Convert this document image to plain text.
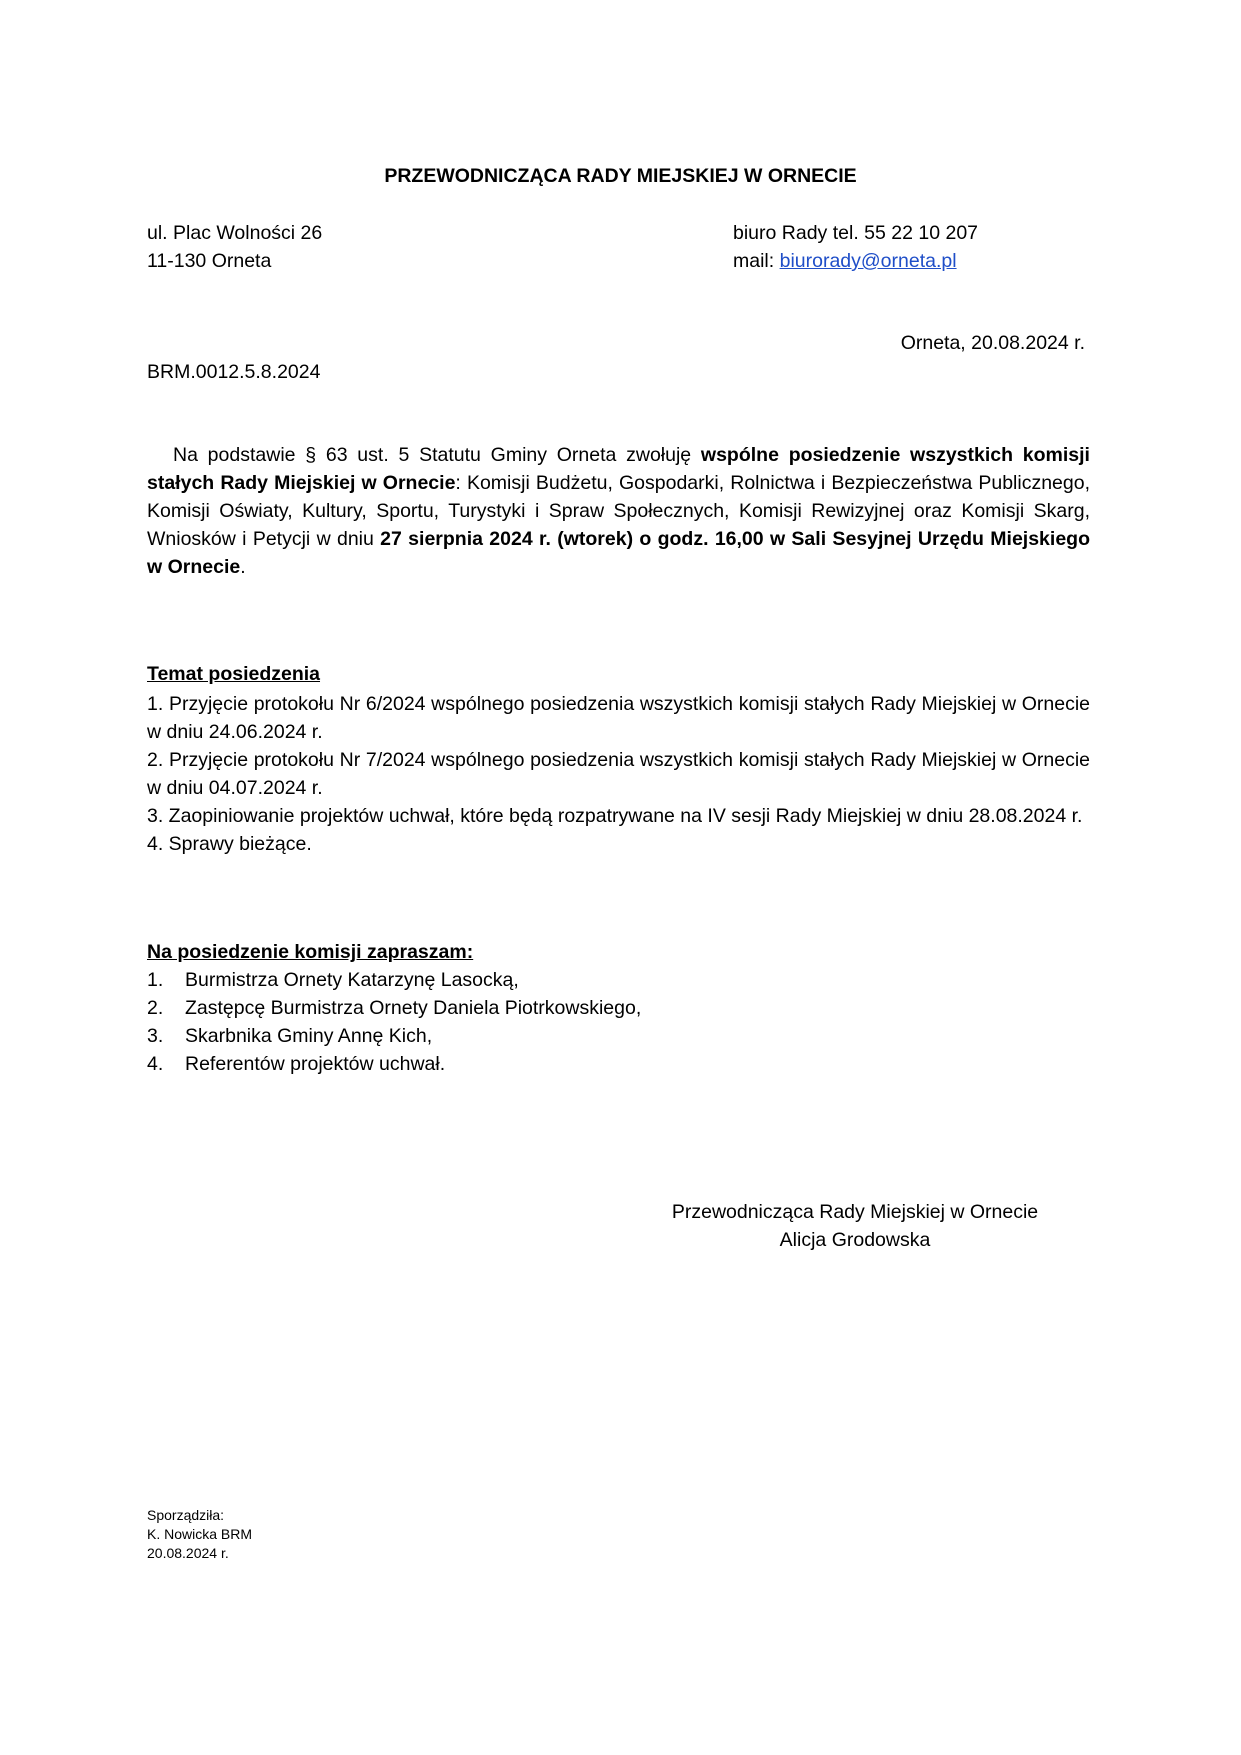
PRZEWODNICZĄCA RADY MIEJSKIEJ W ORNECIE
ul. Plac Wolności 26
11-130 Orneta
biuro Rady tel. 55 22 10 207
mail: biurorady@orneta.pl
Orneta, 20.08.2024 r.
BRM.0012.5.8.2024
Na podstawie § 63 ust. 5 Statutu Gminy Orneta zwołuję wspólne posiedzenie wszystkich komisji stałych Rady Miejskiej w Ornecie: Komisji Budżetu, Gospodarki, Rolnictwa i Bezpieczeństwa Publicznego, Komisji Oświaty, Kultury, Sportu, Turystyki i Spraw Społecznych, Komisji Rewizyjnej oraz Komisji Skarg, Wniosków i Petycji w dniu 27 sierpnia 2024 r. (wtorek) o godz. 16,00 w Sali Sesyjnej Urzędu Miejskiego w Ornecie.
Temat posiedzenia

1. Przyjęcie protokołu Nr 6/2024 wspólnego posiedzenia wszystkich komisji stałych Rady Miejskiej w Ornecie w dniu 24.06.2024 r.

2. Przyjęcie protokołu Nr 7/2024 wspólnego posiedzenia wszystkich komisji stałych Rady Miejskiej w Ornecie w dniu 04.07.2024 r.

3. Zaopiniowanie projektów uchwał, które będą rozpatrywane na IV sesji Rady Miejskiej w dniu 28.08.2024 r.

4. Sprawy bieżące.

Na posiedzenie komisji zapraszam:
1.	Burmistrza Ornety Katarzynę Lasocką,
2.	Zastępcę Burmistrza Ornety Daniela Piotrkowskiego,
3.	Skarbnika Gminy Annę Kich,
4.	Referentów projektów uchwał.
Przewodnicząca Rady Miejskiej w Ornecie
Alicja Grodowska
Sporządziła:
K. Nowicka BRM
20.08.2024 r.
